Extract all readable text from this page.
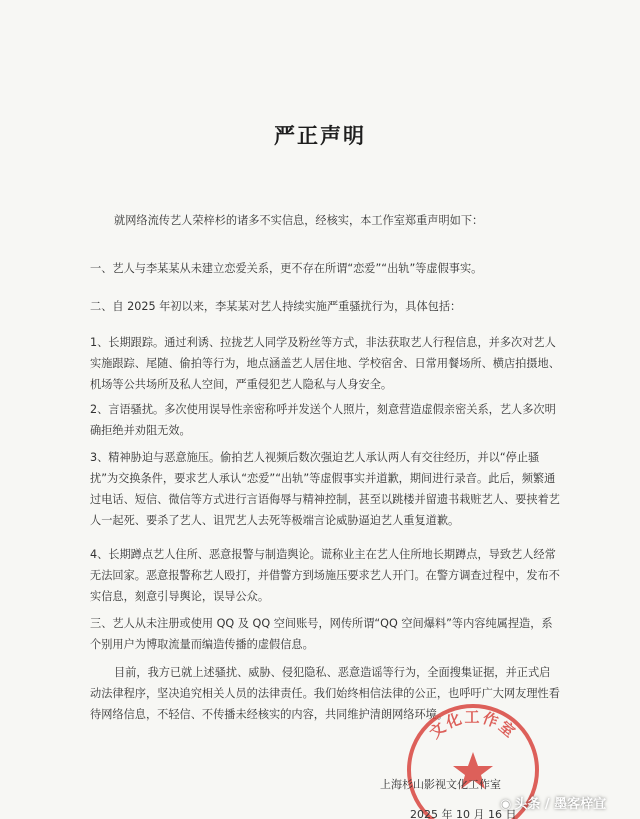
严正声明

就网络流传艺人荣梓杉的诸多不实信息，经核实，本工作室郑重声明如下：

一、艺人与李某某从未建立恋爱关系，更不存在所谓“恋爱”“出轨”等虚假事实。

二、自 2025 年初以来，李某某对艺人持续实施严重骚扰行为，具体包括：

1、长期跟踪。通过利诱、拉拢艺人同学及粉丝等方式，非法获取艺人行程信息，并多次对艺人实施跟踪、尾随、偷拍等行为，地点涵盖艺人居住地、学校宿舍、日常用餐场所、横店拍摄地、机场等公共场所及私人空间，严重侵犯艺人隐私与人身安全。

2、言语骚扰。多次使用误导性亲密称呼并发送个人照片，刻意营造虚假亲密关系，艺人多次明确拒绝并劝阻无效。

3、精神胁迫与恶意施压。偷拍艺人视频后数次强迫艺人承认两人有交往经历，并以“停止骚扰”为交换条件，要求艺人承认“恋爱”“出轨”等虚假事实并道歉，期间进行录音。此后，频繁通过电话、短信、微信等方式进行言语侮辱与精神控制，甚至以跳楼并留遗书栽赃艺人、要挟着艺人一起死、要杀了艺人、诅咒艺人去死等极端言论威胁逼迫艺人重复道歉。

4、长期蹲点艺人住所、恶意报警与制造舆论。谎称业主在艺人住所地长期蹲点，导致艺人经常无法回家。恶意报警称艺人殴打，并借警方到场施压要求艺人开门。在警方调查过程中，发布不实信息，刻意引导舆论，误导公众。

三、艺人从未注册或使用 QQ 及 QQ 空间账号，网传所谓“QQ 空间爆料”等内容纯属捏造，系个别用户为博取流量而编造传播的虚假信息。

目前，我方已就上述骚扰、威胁、侵犯隐私、恶意造谣等行为，全面搜集证据，并正式启动法律程序，坚决追究相关人员的法律责任。我们始终相信法律的公正，也呼吁广大网友理性看待网络信息，不轻信、不传播未经核实的内容，共同维护清朗网络环境。

文化工作室
上海杉山影视文化工作室
2025 年 10 月 16 日
◉ 头条 / 墨客梓宜
